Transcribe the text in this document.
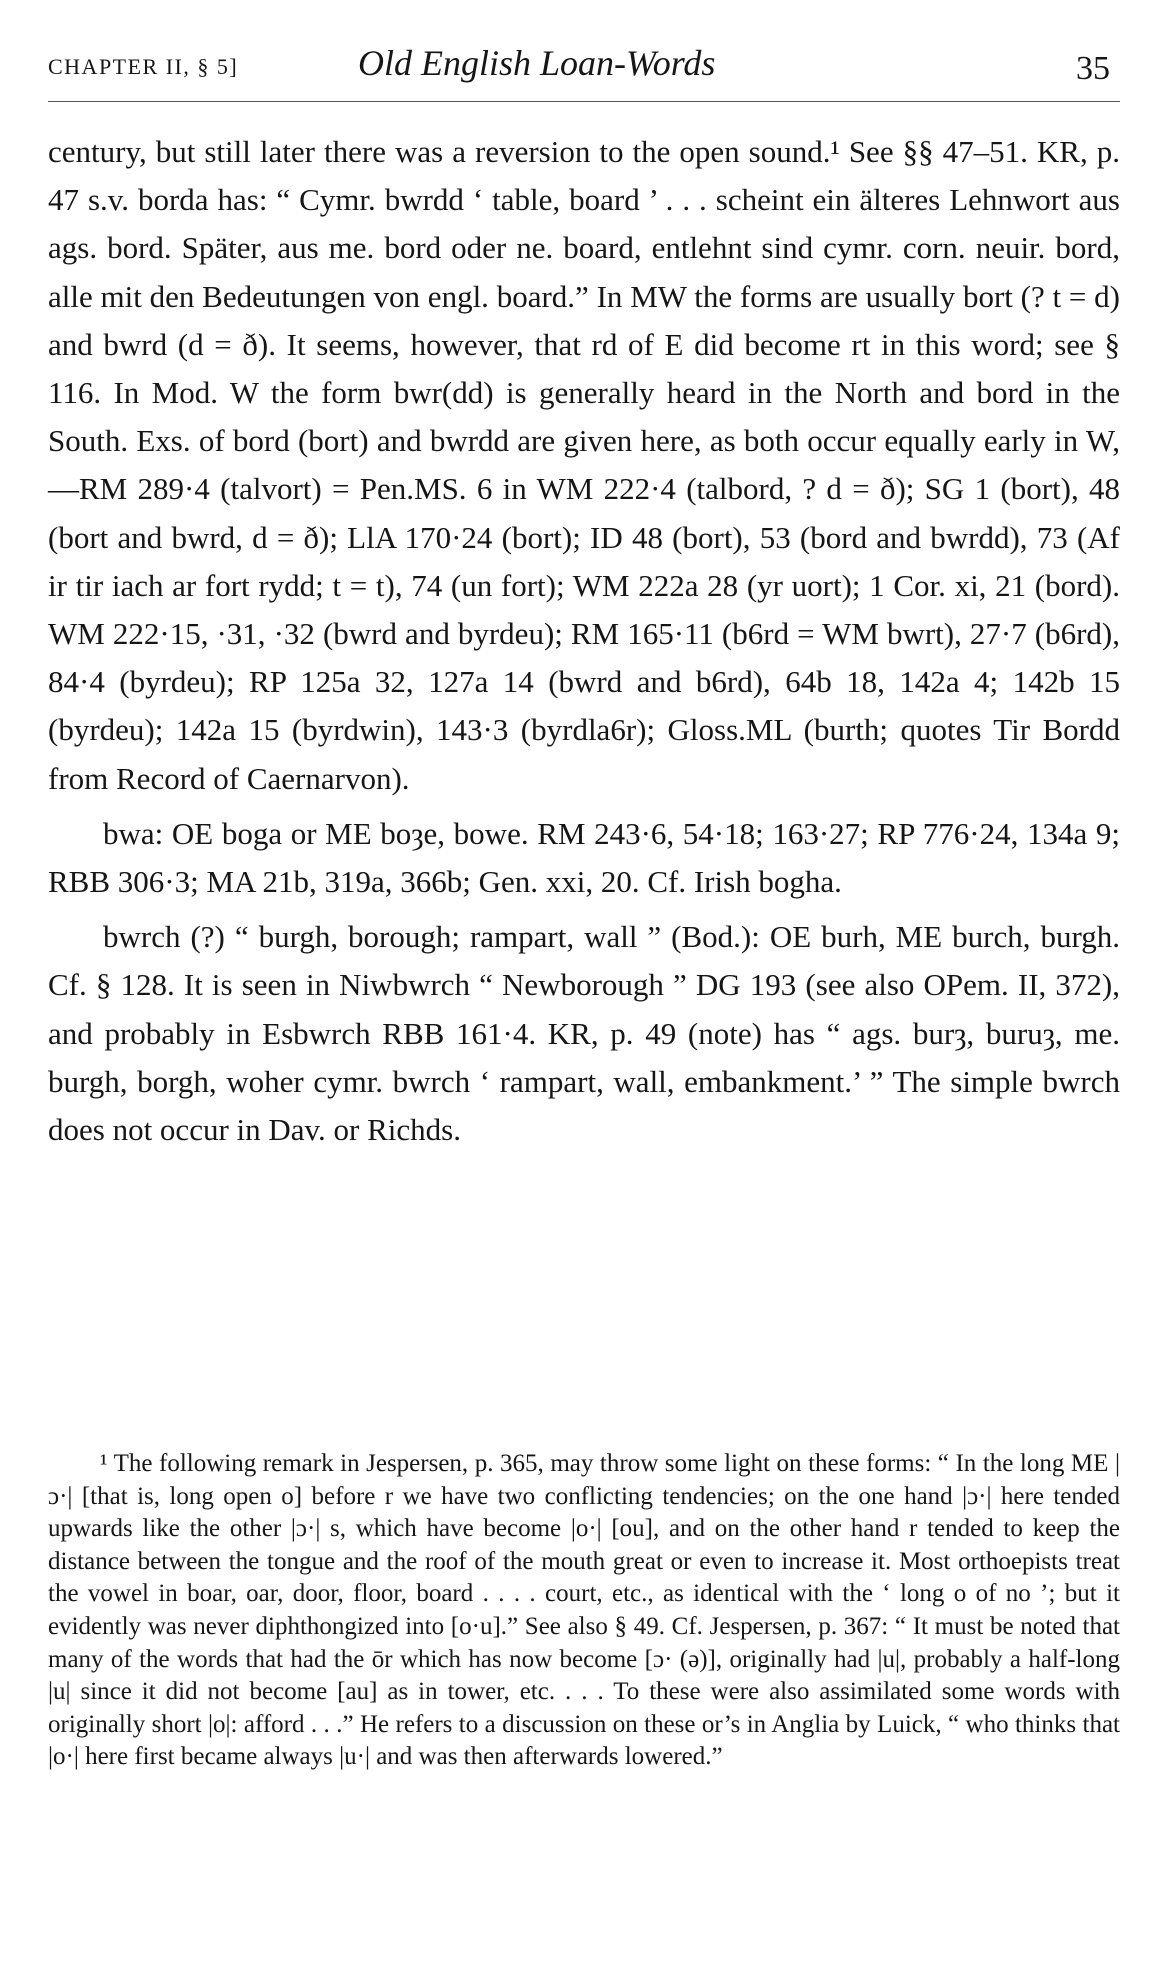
CHAPTER II, § 5]	Old English Loan-Words	35

century, but still later there was a reversion to the open sound.¹ See §§ 47–51. KR, p. 47 s.v. borda has: “ Cymr. bwrdd ‘ table, board ’ . . . scheint ein älteres Lehnwort aus ags. bord. Später, aus me. bord oder ne. board, entlehnt sind cymr. corn. neuir. bord, alle mit den Bedeutungen von engl. board.” In MW the forms are usually bort (? t = d) and bwrd (d = ð). It seems, however, that rd of E did become rt in this word; see § 116. In Mod. W the form bwr(dd) is generally heard in the North and bord in the South. Exs. of bord (bort) and bwrdd are given here, as both occur equally early in W,—RM 289·4 (talvort) = Pen.MS. 6 in WM 222·4 (talbord, ? d = ð); SG 1 (bort), 48 (bort and bwrd, d = ð); LlA 170·24 (bort); ID 48 (bort), 53 (bord and bwrdd), 73 (Af ir tir iach ar fort rydd; t = t), 74 (un fort); WM 222a 28 (yr uort); 1 Cor. xi, 21 (bord). WM 222·15, ·31, ·32 (bwrd and byrdeu); RM 165·11 (b6rd = WM bwrt), 27·7 (b6rd), 84·4 (byrdeu); RP 125a 32, 127a 14 (bwrd and b6rd), 64b 18, 142a 4; 142b 15 (byrdeu); 142a 15 (byrdwin), 143·3 (byrdla6r); Gloss.ML (burth; quotes Tir Bordd from Record of Caernarvon).

bwa: OE boga or ME boȝe, bowe. RM 243·6, 54·18; 163·27; RP 776·24, 134a 9; RBB 306·3; MA 21b, 319a, 366b; Gen. xxi, 20. Cf. Irish bogha.

bwrch (?) “ burgh, borough; rampart, wall ” (Bod.): OE burh, ME burch, burgh. Cf. § 128. It is seen in Niwbwrch “ Newborough ” DG 193 (see also OPem. II, 372), and probably in Esbwrch RBB 161·4. KR, p. 49 (note) has “ ags. burȝ, buruȝ, me. burgh, borgh, woher cymr. bwrch ‘ rampart, wall, embankment.’ ” The simple bwrch does not occur in Dav. or Richds.

¹ The following remark in Jespersen, p. 365, may throw some light on these forms: “ In the long ME |ɔ·| [that is, long open o] before r we have two conflicting tendencies; on the one hand |ɔ·| here tended upwards like the other |ɔ·| s, which have become |o·| [ou], and on the other hand r tended to keep the distance between the tongue and the roof of the mouth great or even to increase it. Most orthoepists treat the vowel in boar, oar, door, floor, board . . . . court, etc., as identical with the ‘ long o of no ’; but it evidently was never diphthongized into [o·u].” See also § 49. Cf. Jespersen, p. 367: “ It must be noted that many of the words that had the ōr which has now become [ɔ· (ə)], originally had |u|, probably a half-long |u| since it did not become [au] as in tower, etc. . . . To these were also assimilated some words with originally short |o|: afford . . .” He refers to a discussion on these or’s in Anglia by Luick, “ who thinks that |o·| here first became always |u·| and was then afterwards lowered.”
